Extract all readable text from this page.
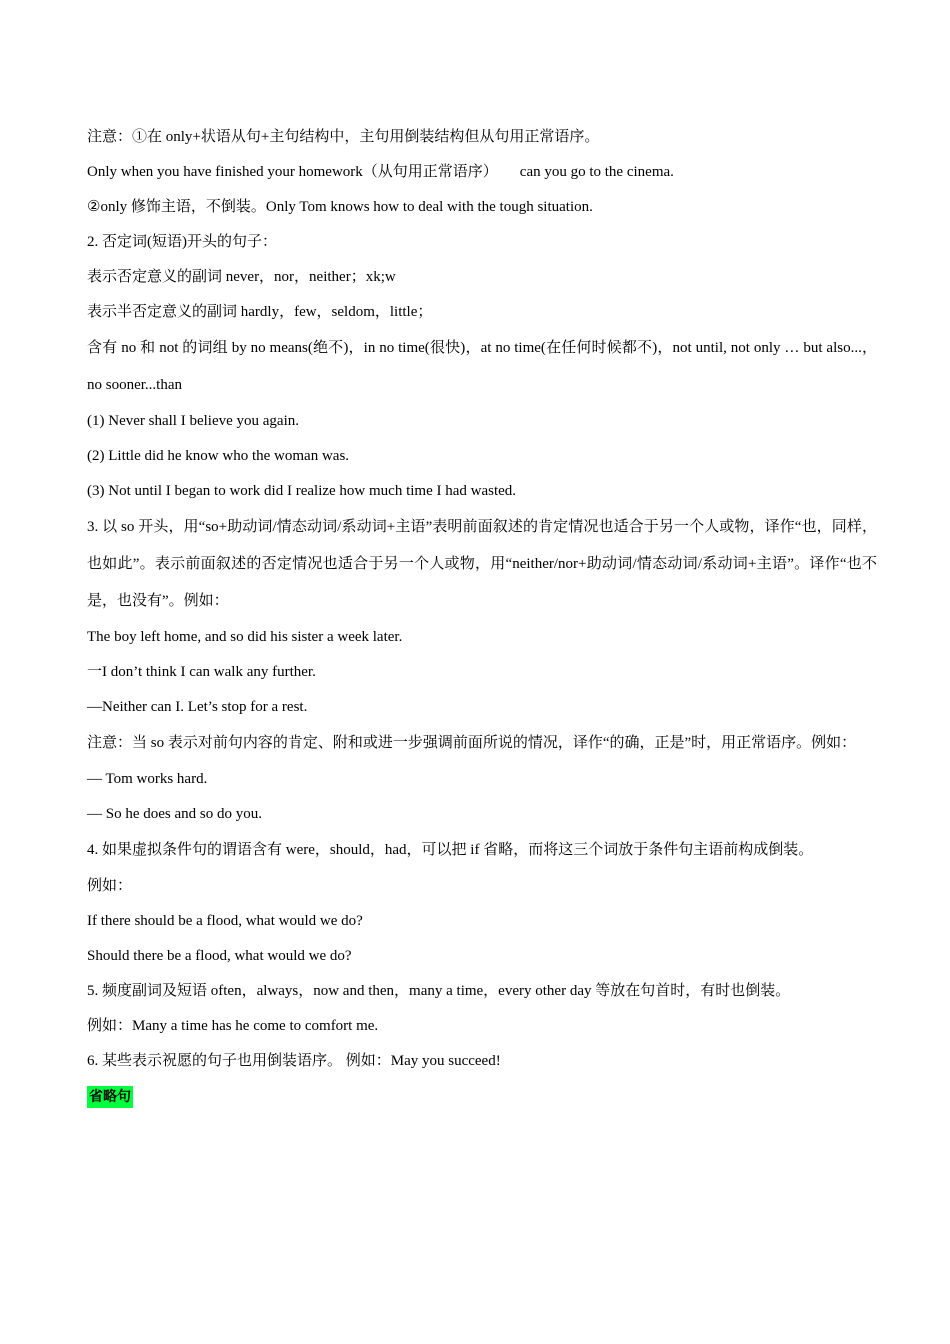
注意：①在 only+状语从句+主句结构中，主句用倒装结构但从句用正常语序。
Only when you have finished your homework（从句用正常语序） can you go to the cinema.
②only 修饰主语，不倒装。Only Tom knows how to deal with the tough situation.
2. 否定词(短语)开头的句子：
表示否定意义的副词 never，nor，neither；xk;w
表示半否定意义的副词 hardly，few，seldom，little；
含有 no 和 not 的词组 by no means(绝不)，in no time(很快)，at no time(在任何时候都不)，not until, not only … but also...，no sooner...than
(1) Never shall I believe you again.
(2) Little did he know who the woman was.
(3) Not until I began to work did I realize how much time I had wasted.
3. 以 so 开头，用“so+助动词/情态动词/系动词+主语”表明前面叙述的肯定情况也适合于另一个人或物，译作“也，同样，也如此”。表示前面叙述的否定情况也适合于另一个人或物，用“neither/nor+助动词/情态动词/系动词+主语”。译作“也不是，也没有”。例如：
The boy left home, and so did his sister a week later.
一I don’t think I can walk any further.
—Neither can I. Let’s stop for a rest.
注意：当 so 表示对前句内容的肯定、附和或进一步强调前面所说的情况，译作“的确，正是”时，用正常语序。例如：
— Tom works hard.
— So he does and so do you.
4. 如果虚拟条件句的谓语含有 were，should，had，可以把 if 省略，而将这三个词放于条件句主语前构成倒装。
例如：
If there should be a flood, what would we do?
Should there be a flood, what would we do?
5. 频度副词及短语 often，always，now and then，many a time，every other day 等放在句首时，有时也倒装。
例如：Many a time has he come to comfort me.
6. 某些表示祝愿的句子也用倒装语序。 例如：May you succeed!
省略句
